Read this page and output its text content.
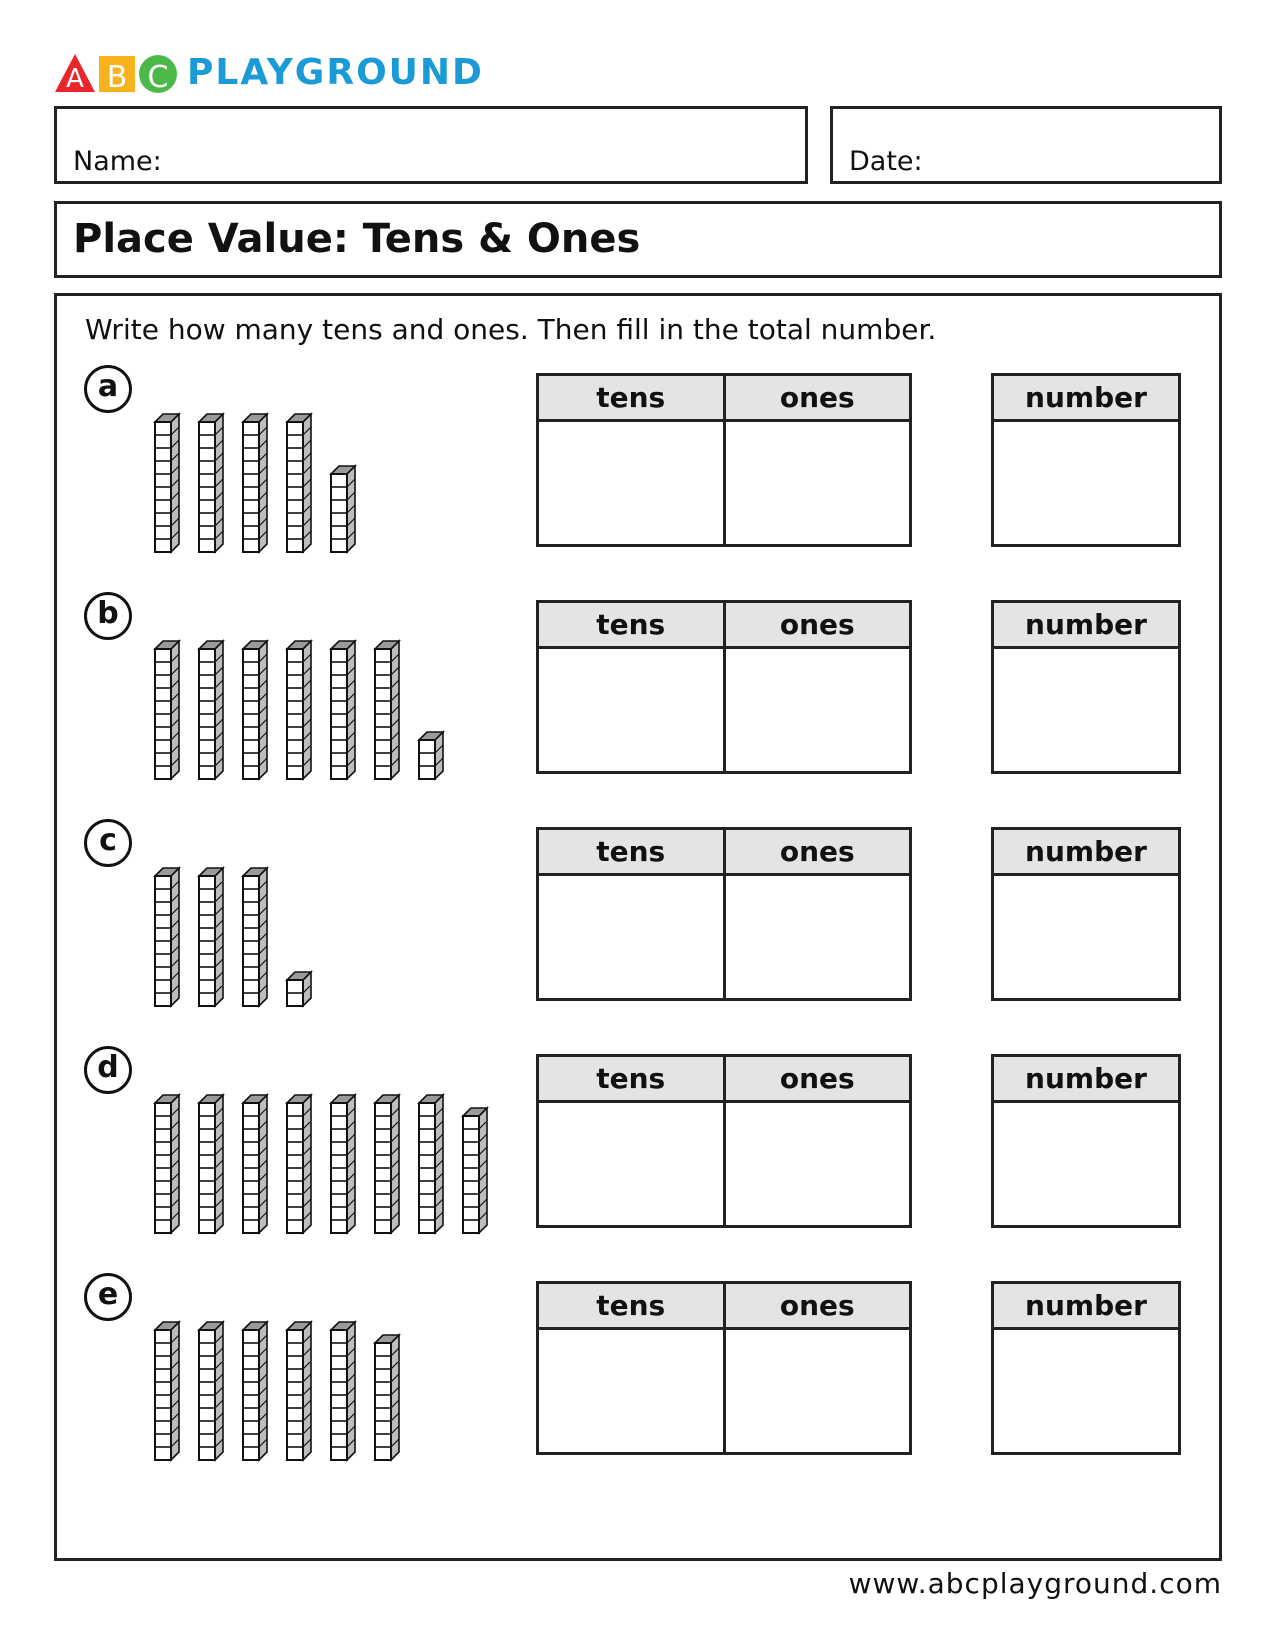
A B C PLAYGROUND
Name:	Date:
Place Value: Tens & Ones
Write how many tens and ones. Then fill in the total number.
a	tens	ones	number
b	tens	ones	number
c	tens	ones	number
d	tens	ones	number
e	tens	ones	number
www.abcplayground.com
